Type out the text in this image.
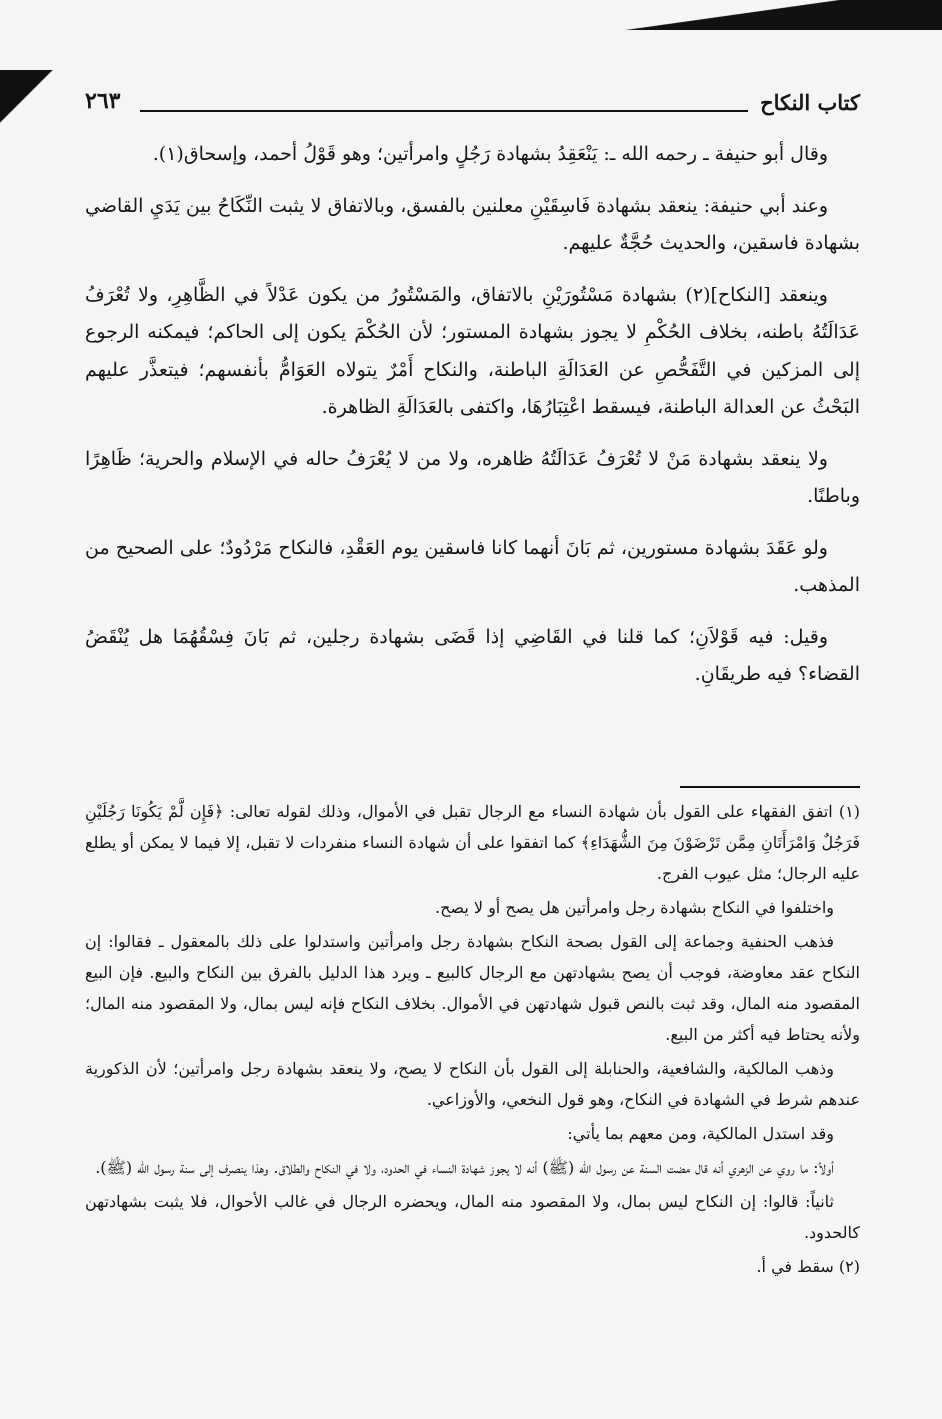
كتاب النكاح
٢٦٣

وقال أبو حنيفة ـ رحمه الله ـ: يَنْعَقِدُ بشهادة رَجُلٍ وامرأتين؛ وهو قَوْلُ أحمد، وإسحاق(١).

وعند أبي حنيفة: ينعقد بشهادة فَاسِقَيْنِ معلنين بالفسق، وبالاتفاق لا يثبت النِّكَاحُ بين يَدَيِ القاضي بشهادة فاسقين، والحديث حُجَّةٌ عليهم.

وينعقد [النكاح](٢) بشهادة مَسْتُورَيْنِ بالاتفاق، والمَسْتُورُ من يكون عَدْلاً في الظَّاهِرِ، ولا تُعْرَفُ عَدَالَتُهُ باطنه، بخلاف الحُكْمِ لا يجوز بشهادة المستور؛ لأن الحُكْمَ يكون إلى الحاكم؛ فيمكنه الرجوع إلى المزكين في التَّفَحُّصِ عن العَدَالَةِ الباطنة، والنكاح أَمْرٌ يتولاه العَوَامُّ بأنفسهم؛ فيتعذَّر عليهم البَحْثُ عن العدالة الباطنة، فيسقط اعْتِبَارُهَا، واكتفى بالعَدَالَةِ الظاهرة.

ولا ينعقد بشهادة مَنْ لا تُعْرَفُ عَدَالَتُهُ ظاهره، ولا من لا يُعْرَفُ حاله في الإسلام والحرية؛ ظَاهِرًا وباطنًا.

ولو عَقَدَ بشهادة مستورين، ثم بَانَ أنهما كانا فاسقين يوم العَقْدِ، فالنكاح مَرْدُودٌ؛ على الصحيح من المذهب.

وقيل: فيه قَوْلاَنِ؛ كما قلنا في القَاضِي إذا قَضَى بشهادة رجلين، ثم بَانَ فِسْقُهُمَا هل يُنْقَضُ القضاء؟ فيه طريقَانِ.

(١) اتفق الفقهاء على القول بأن شهادة النساء مع الرجال تقبل في الأموال، وذلك لقوله تعالى: ﴿فَإِن لَّمْ يَكُونَا رَجُلَيْنِ فَرَجُلٌ وَامْرَأَتَانِ مِمَّن تَرْضَوْنَ مِنَ الشُّهَدَاءِ﴾ كما اتفقوا على أن شهادة النساء منفردات لا تقبل، إلا فيما لا يمكن أو يطلع عليه الرجال؛ مثل عيوب الفرج.

واختلفوا في النكاح بشهادة رجل وامرأتين هل يصح أو لا يصح.

فذهب الحنفية وجماعة إلى القول بصحة النكاح بشهادة رجل وامرأتين واستدلوا على ذلك بالمعقول ـ فقالوا: إن النكاح عقد معاوضة، فوجب أن يصح بشهادتهن مع الرجال كالبيع ـ ويرد هذا الدليل بالفرق بين النكاح والبيع. فإن البيع المقصود منه المال، وقد ثبت بالنص قبول شهادتهن في الأموال. بخلاف النكاح فإنه ليس بمال، ولا المقصود منه المال؛ ولأنه يحتاط فيه أكثر من البيع.

وذهب المالكية، والشافعية، والحنابلة إلى القول بأن النكاح لا يصح، ولا ينعقد بشهادة رجل وامرأتين؛ لأن الذكورية عندهم شرط في الشهادة في النكاح، وهو قول النخعي، والأوزاعي.

وقد استدل المالكية، ومن معهم بما يأتي:

أولاً: ما روي عن الزهري أنه قال مضت السنة عن رسول الله (ﷺ) أنه لا يجوز شهادة النساء في الحدود، ولا في النكاح والطلاق. وهذا ينصرف إلى سنة رسول الله (ﷺ).

ثانياً: قالوا: إن النكاح ليس بمال، ولا المقصود منه المال، ويحضره الرجال في غالب الأحوال، فلا يثبت بشهادتهن كالحدود.

(٢) سقط في أ.
